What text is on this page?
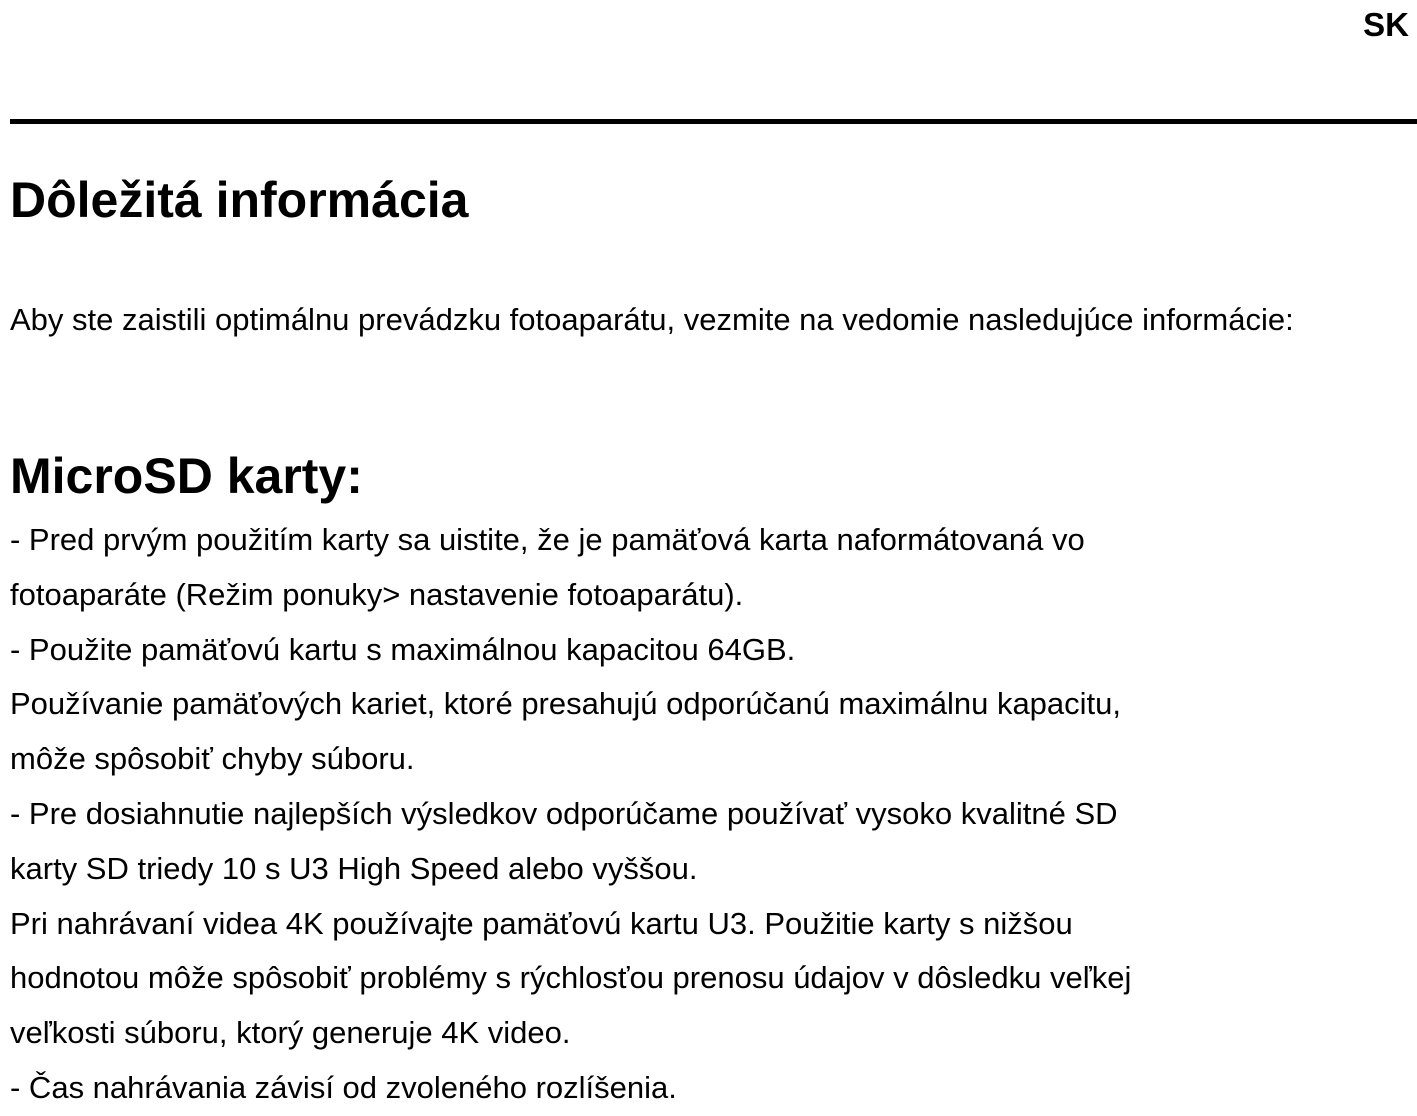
SK
Dôležitá informácia

Aby ste zaistili optimálnu prevádzku fotoaparátu, vezmite na vedomie nasledujúce informácie:

MicroSD karty:
- Pred prvým použitím karty sa uistite, že je pamäťová karta naformátovaná vo
fotoaparáte (Režim ponuky> nastavenie fotoaparátu).
- Použite pamäťovú kartu s maximálnou kapacitou 64GB.
Používanie pamäťových kariet, ktoré presahujú odporúčanú maximálnu kapacitu,
môže spôsobiť chyby súboru.
- Pre dosiahnutie najlepších výsledkov odporúčame používať vysoko kvalitné SD
karty SD triedy 10 s U3 High Speed alebo vyššou.
Pri nahrávaní videa 4K používajte pamäťovú kartu U3. Použitie karty s nižšou
hodnotou môže spôsobiť problémy s rýchlosťou prenosu údajov v dôsledku veľkej
veľkosti súboru, ktorý generuje 4K video.
- Čas nahrávania závisí od zvoleného rozlíšenia.
